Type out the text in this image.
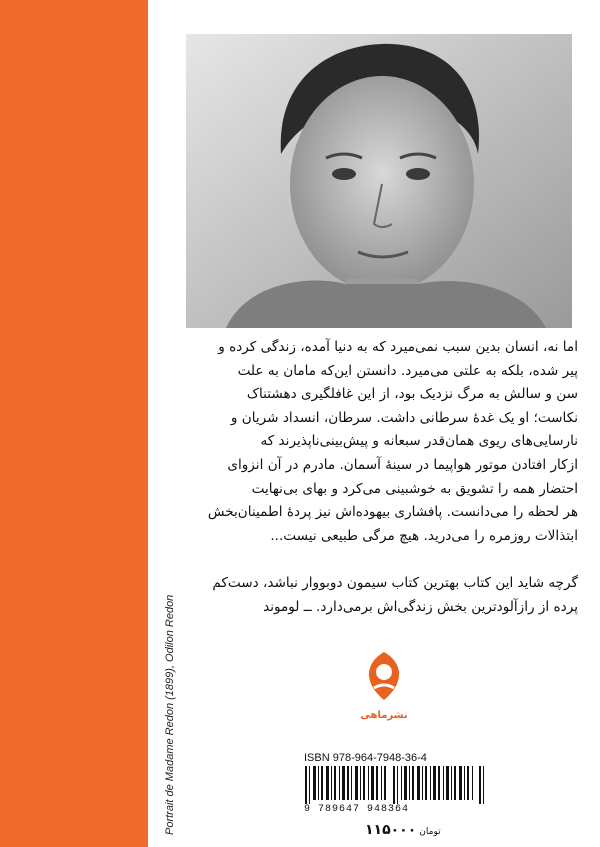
Portrait de Madame Redon (1899), Odilon Redon
اما نه، انسان بدین سبب نمی‌میرد که به دنیا آمده، زندگی کرده و
پیر شده، بلکه به علتی می‌میرد. دانستن این‌که مامان به علت
سن و سالش به مرگ نزدیک بود، از این غافلگیری دهشتناک
نکاست؛ او یک غدهٔ سرطانی داشت. سرطان، انسداد شریان و
نارسایی‌های ریوی همان‌قدر سبعانه و پیش‌بینی‌ناپذیرند که
ازکار افتادن موتور هواپیما در سینهٔ آسمان. مادرم در آن انزوای
احتضار همه را تشویق به خوشبینی می‌کرد و بهای بی‌نهایت
هر لحظه را می‌دانست. پافشاری بیهوده‌اش نیز پردهٔ اطمینان‌بخش
ابتذالات روزمره را می‌درید. هیچ مرگی طبیعی نیست...
گرچه شاید این کتاب بهترین کتاب سیمون دوبووار نباشد، دست‌کم
پرده از رازآلودترین بخش زندگی‌اش برمی‌دارد. ــ لوموند
نشرماهی
ISBN 978-964-7948-36-4
9 789647 948364
۱۱۵۰۰۰ تومان
